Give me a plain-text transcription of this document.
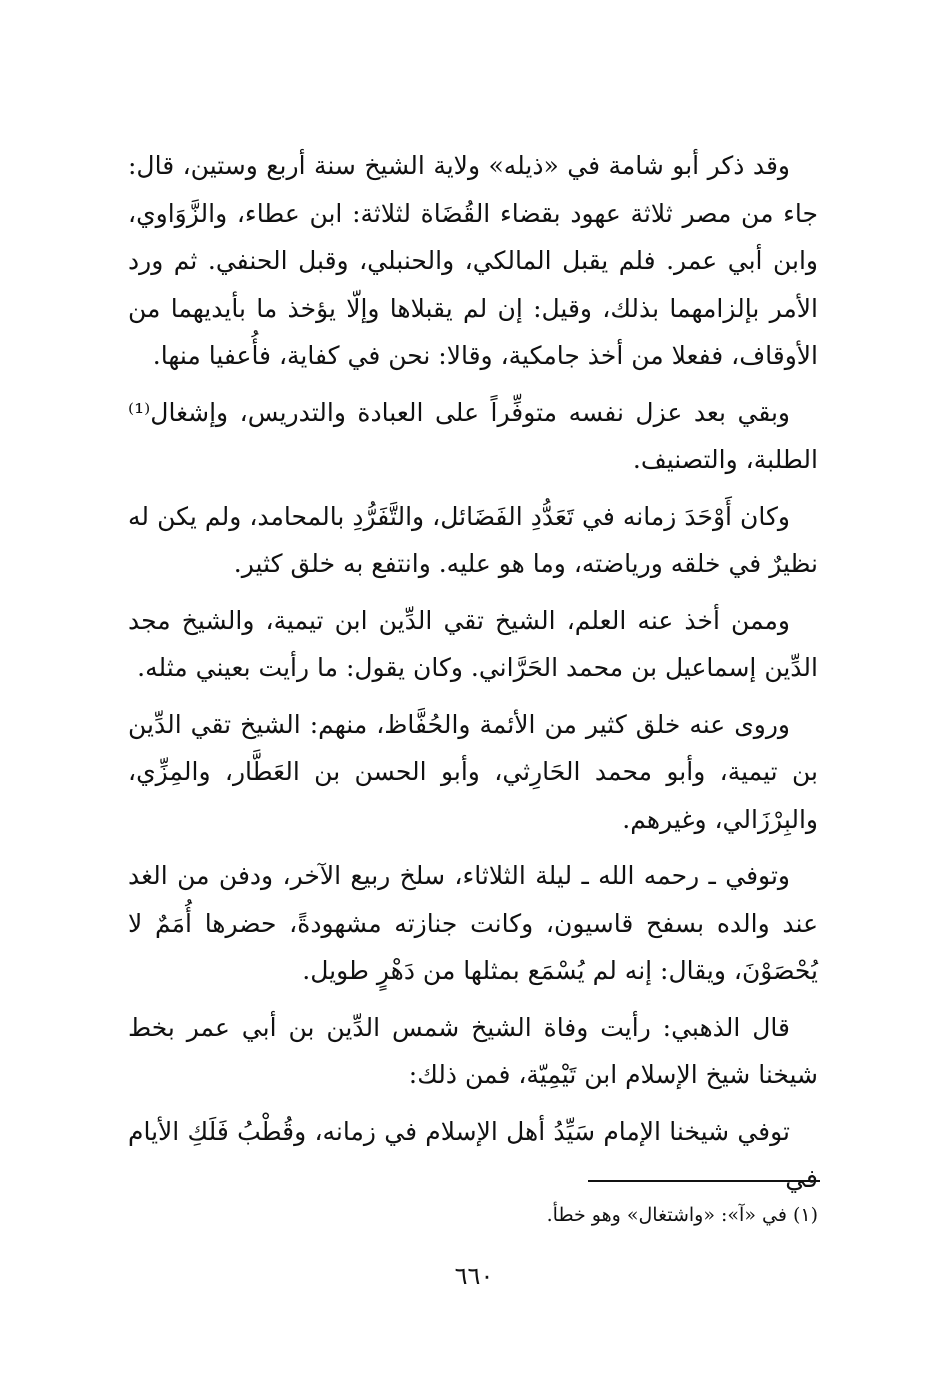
وقد ذكر أبو شامة في «ذيله» ولاية الشيخ سنة أربع وستين، قال: جاء من مصر ثلاثة عهود بقضاء القُضَاة لثلاثة: ابن عطاء، والزَّوَاوي، وابن أبي عمر. فلم يقبل المالكي، والحنبلي، وقبل الحنفي. ثم ورد الأمر بإلزامهما بذلك، وقيل: إن لم يقبلاها وإلّا يؤخذ ما بأيديهما من الأوقاف، ففعلا من أخذ جامكية، وقالا: نحن في كفاية، فأُعفيا منها.

وبقي بعد عزل نفسه متوفِّراً على العبادة والتدريس، وإشغال⁽¹⁾ الطلبة، والتصنيف.

وكان أَوْحَدَ زمانه في تَعَدُّدِ الفَضَائل، والتَّفَرُّدِ بالمحامد، ولم يكن له نظيرٌ في خلقه ورياضته، وما هو عليه. وانتفع به خلق كثير.

وممن أخذ عنه العلم، الشيخ تقي الدِّين ابن تيمية، والشيخ مجد الدِّين إسماعيل بن محمد الحَرَّاني. وكان يقول: ما رأيت بعيني مثله.

وروى عنه خلق كثير من الأئمة والحُفَّاظ، منهم: الشيخ تقي الدِّين بن تيمية، وأبو محمد الحَارِثي، وأبو الحسن بن العَطَّار، والمِزِّي، والبِرْزَالي، وغيرهم.

وتوفي ـ رحمه الله ـ ليلة الثلاثاء، سلخ ربيع الآخر، ودفن من الغد عند والده بسفح قاسيون، وكانت جنازته مشهودةً، حضرها أُمَمٌ لا يُحْصَوْنَ، ويقال: إنه لم يُسْمَع بمثلها من دَهْرٍ طويل.

قال الذهبي: رأيت وفاة الشيخ شمس الدِّين بن أبي عمر بخط شيخنا شيخ الإسلام ابن تَيْمِيّة، فمن ذلك:

توفي شيخنا الإمام سَيِّدُ أهل الإسلام في زمانه، وقُطْبُ فَلَكِ الأيام في

(١) في «آ»: «واشتغال» وهو خطأ.

٦٦٠
